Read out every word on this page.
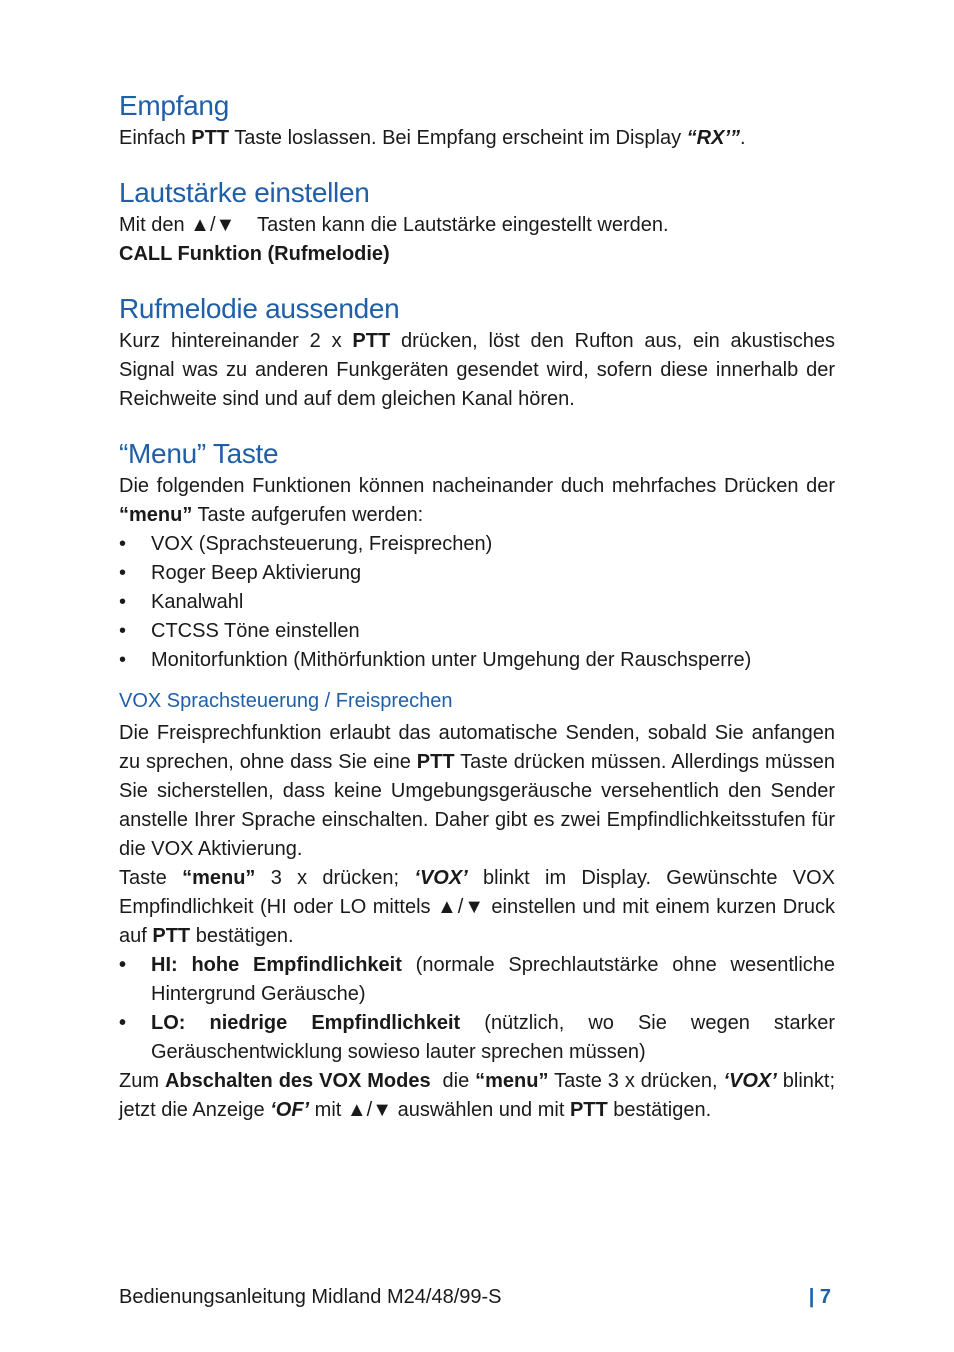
Empfang

Einfach PTT Taste loslassen. Bei Empfang erscheint im Display “RX’”.

Lautstärke einstellen

Mit den ▲/▼    Tasten kann die Lautstärke eingestellt werden.

CALL Funktion (Rufmelodie)

Rufmelodie aussenden

Kurz hintereinander 2 x PTT drücken, löst den Rufton aus, ein akustisches Signal was zu anderen Funkgeräten gesendet wird, sofern diese innerhalb der Reichweite sind und auf dem gleichen Kanal hören.

“Menu” Taste

Die folgenden Funktionen können nacheinander duch mehrfaches Drücken der “menu” Taste aufgerufen werden:

• VOX (Sprachsteuerung, Freisprechen)
• Roger Beep Aktivierung
• Kanalwahl
• CTCSS Töne einstellen
• Monitorfunktion (Mithörfunktion unter Umgehung der Rauschsperre)
VOX Sprachsteuerung / Freisprechen

Die Freisprechfunktion erlaubt das automatische Senden, sobald Sie anfangen zu sprechen, ohne dass Sie eine PTT Taste drücken müssen. Allerdings müssen Sie sicherstellen, dass keine Umgebungsgeräusche versehentlich den Sender anstelle Ihrer Sprache einschalten. Daher gibt es zwei Empfindlichkeitsstufen für die VOX Aktivierung.

Taste “menu” 3 x drücken; ‘VOX’ blinkt im Display. Gewünschte VOX Empfindlichkeit (HI oder LO mittels ▲/▼ einstellen und mit einem kurzen Druck auf PTT bestätigen.

• HI: hohe Empfindlichkeit (normale Sprechlautstärke ohne wesentliche Hintergrund Geräusche)
• LO: niedrige Empfindlichkeit (nützlich, wo Sie wegen starker Geräuschentwicklung sowieso lauter sprechen müssen)

Zum Abschalten des VOX Modes  die “menu” Taste 3 x drücken, ‘VOX’ blinkt; jetzt die Anzeige ‘OF’ mit ▲/▼ auswählen und mit PTT bestätigen.

Bedienungsanleitung Midland M24/48/99-S	| 7
